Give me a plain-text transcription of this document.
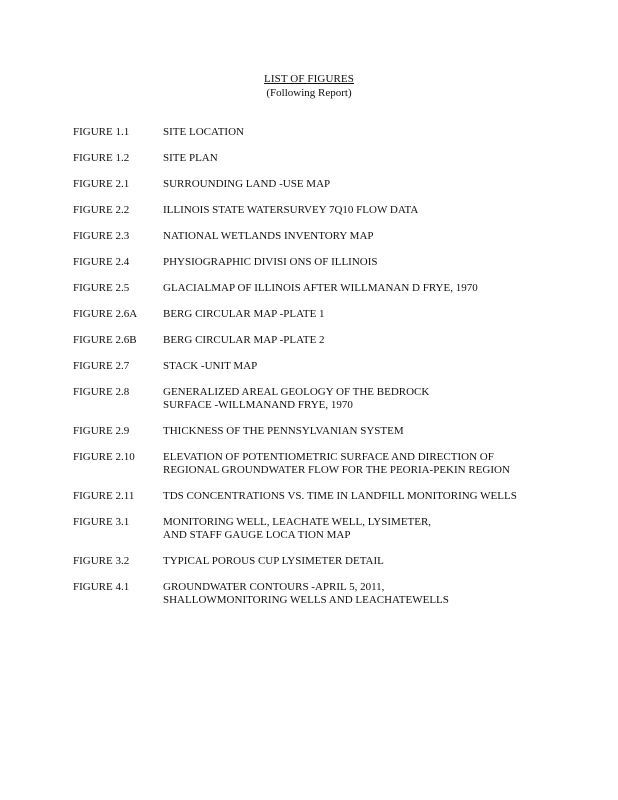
LIST OF FIGURES
(Following Report)
FIGURE 1.1	SITE LOCATION
FIGURE 1.2	SITE PLAN
FIGURE 2.1	SURROUNDING LAND -USE MAP
FIGURE 2.2	ILLINOIS STATE WATERSURVEY 7Q10 FLOW DATA
FIGURE 2.3	NATIONAL WETLANDS INVENTORY MAP
FIGURE 2.4	PHYSIOGRAPHIC DIVISI ONS OF ILLINOIS
FIGURE 2.5	GLACIALMAP OF ILLINOIS AFTER WILLMANAN D FRYE, 1970
FIGURE 2.6A	BERG CIRCULAR MAP -PLATE 1
FIGURE 2.6B	BERG CIRCULAR MAP -PLATE 2
FIGURE 2.7	STACK -UNIT MAP
FIGURE 2.8	GENERALIZED AREAL GEOLOGY OF THE BEDROCK
SURFACE -WILLMANAND FRYE, 1970
FIGURE 2.9	THICKNESS OF THE PENNSYLVANIAN SYSTEM
FIGURE 2.10	ELEVATION OF POTENTIOMETRIC SURFACE AND DIRECTION OF
REGIONAL GROUNDWATER FLOW FOR THE PEORIA-PEKIN REGION
FIGURE 2.11	TDS CONCENTRATIONS VS. TIME IN LANDFILL MONITORING WELLS
FIGURE 3.1	MONITORING WELL, LEACHATE WELL, LYSIMETER,
AND STAFF GAUGE LOCA TION MAP
FIGURE 3.2	TYPICAL POROUS CUP LYSIMETER DETAIL
FIGURE 4.1	GROUNDWATER CONTOURS -APRIL 5, 2011,
SHALLOWMONITORING WELLS AND LEACHATEWELLS
